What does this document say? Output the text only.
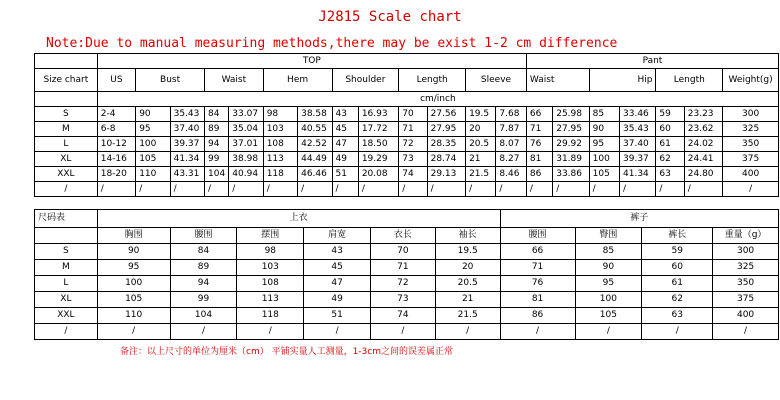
J2815 Scale chart
Note:Due to manual measuring methods,there may be exist 1-2 cm difference
	TOP													Pant						
Size chart	US	Bust		Waist		Hem		Shoulder		Length		Sleeve		Waist		Hip		Length		Weight(g)
	cm/inch																			
S	2-4	90	35.43	84	33.07	98	38.58	43	16.93	70	27.56	19.5	7.68	66	25.98	85	33.46	59	23.23	300
M	6-8	95	37.40	89	35.04	103	40.55	45	17.72	71	27.95	20	7.87	71	27.95	90	35.43	60	23.62	325
L	10-12	100	39.37	94	37.01	108	42.52	47	18.50	72	28.35	20.5	8.07	76	29.92	95	37.40	61	24.02	350
XL	14-16	105	41.34	99	38.98	113	44.49	49	19.29	73	28.74	21	8.27	81	31.89	100	39.37	62	24.41	375
XXL	18-20	110	43.31	104	40.94	118	46.46	51	20.08	74	29.13	21.5	8.46	86	33.86	105	41.34	63	24.80	400
/	/	/	/	/	/	/	/	/	/	/	/	/	/	/	/	/	/	/	/	/
尺码表	上衣						裤子			
	胸围	腰围	摆围	肩宽	衣长	袖长	腰围	臀围	裤长	重量（g）
S	90	84	98	43	70	19.5	66	85	59	300
M	95	89	103	45	71	20	71	90	60	325
L	100	94	108	47	72	20.5	76	95	61	350
XL	105	99	113	49	73	21	81	100	62	375
XXL	110	104	118	51	74	21.5	86	105	63	400
/	/	/	/	/	/	/	/	/	/	/
备注：以上尺寸的单位为厘米（cm） 平铺实量人工测量，1-3cm之间的误差属正常
